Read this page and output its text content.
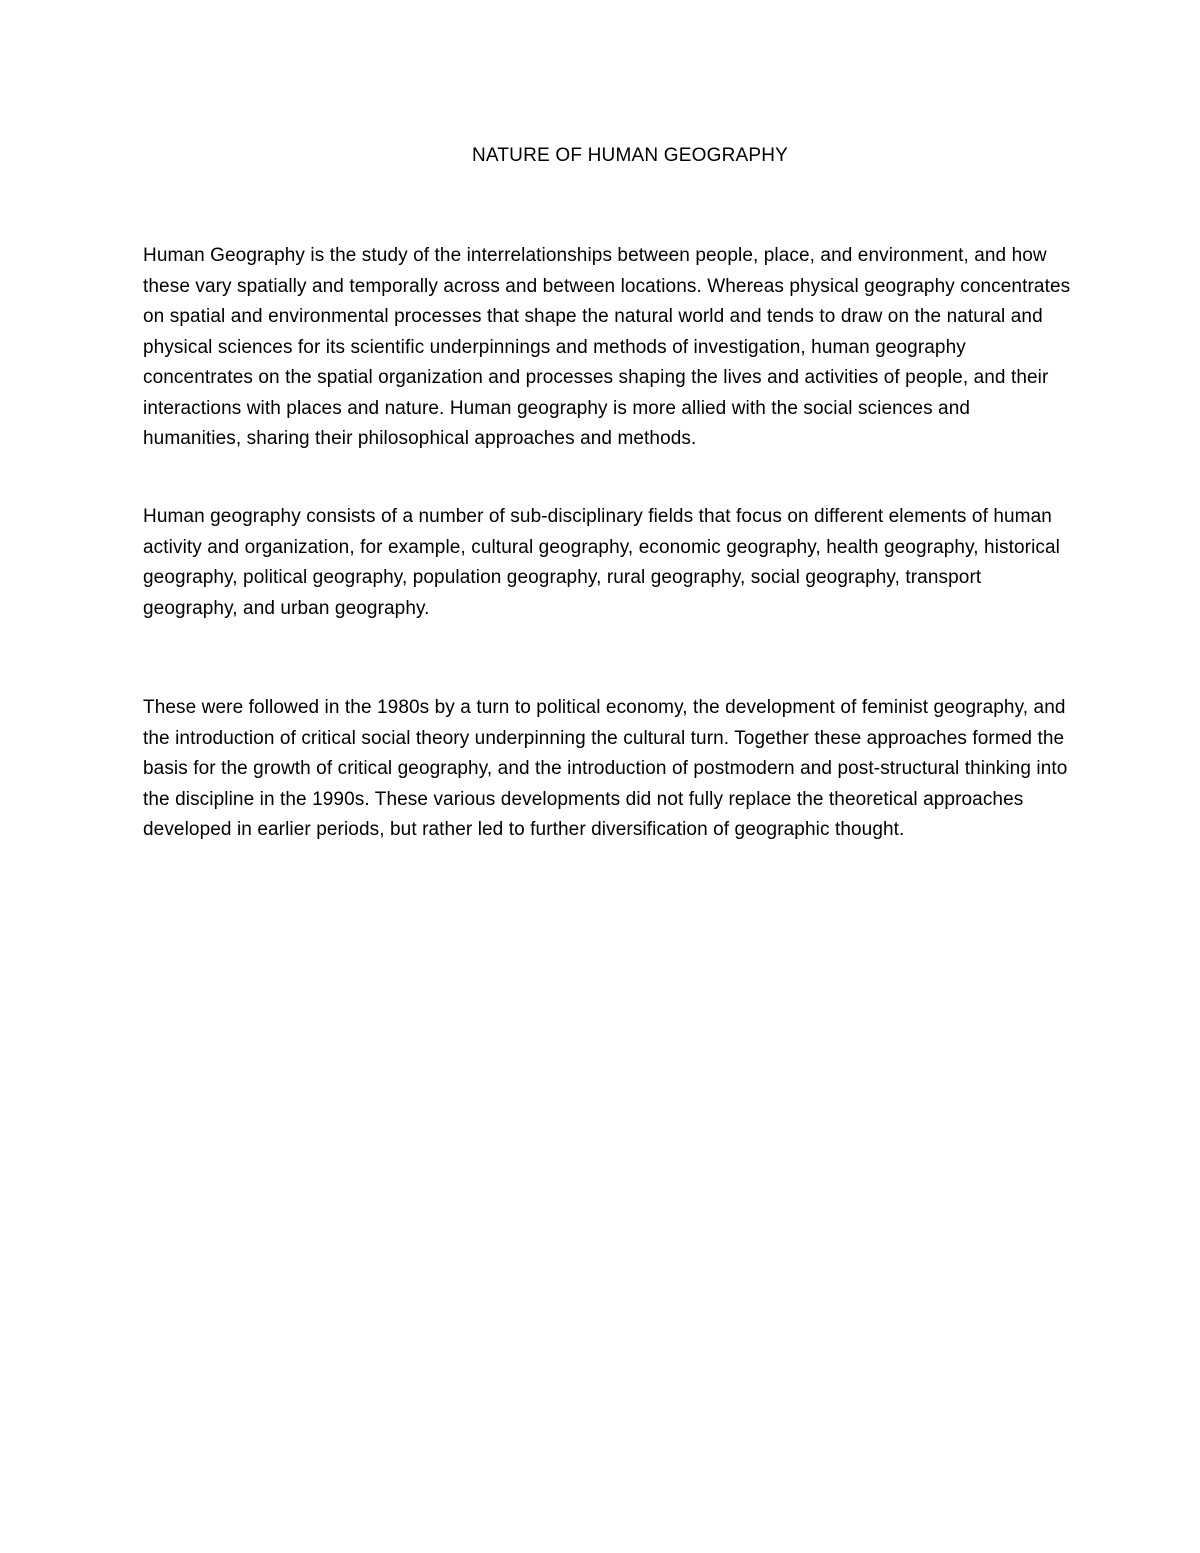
NATURE OF HUMAN GEOGRAPHY

Human Geography is the study of the interrelationships between people, place, and environment, and how these vary spatially and temporally across and between locations. Whereas physical geography concentrates on spatial and environmental processes that shape the natural world and tends to draw on the natural and physical sciences for its scientific underpinnings and methods of investigation, human geography concentrates on the spatial organization and processes shaping the lives and activities of people, and their interactions with places and nature. Human geography is more allied with the social sciences and humanities, sharing their philosophical approaches and methods.

Human geography consists of a number of sub-disciplinary fields that focus on different elements of human activity and organization, for example, cultural geography, economic geography, health geography, historical geography, political geography, population geography, rural geography, social geography, transport geography, and urban geography.

These were followed in the 1980s by a turn to political economy, the development of feminist geography, and the introduction of critical social theory underpinning the cultural turn. Together these approaches formed the basis for the growth of critical geography, and the introduction of postmodern and post-structural thinking into the discipline in the 1990s. These various developments did not fully replace the theoretical approaches developed in earlier periods, but rather led to further diversification of geographic thought.
